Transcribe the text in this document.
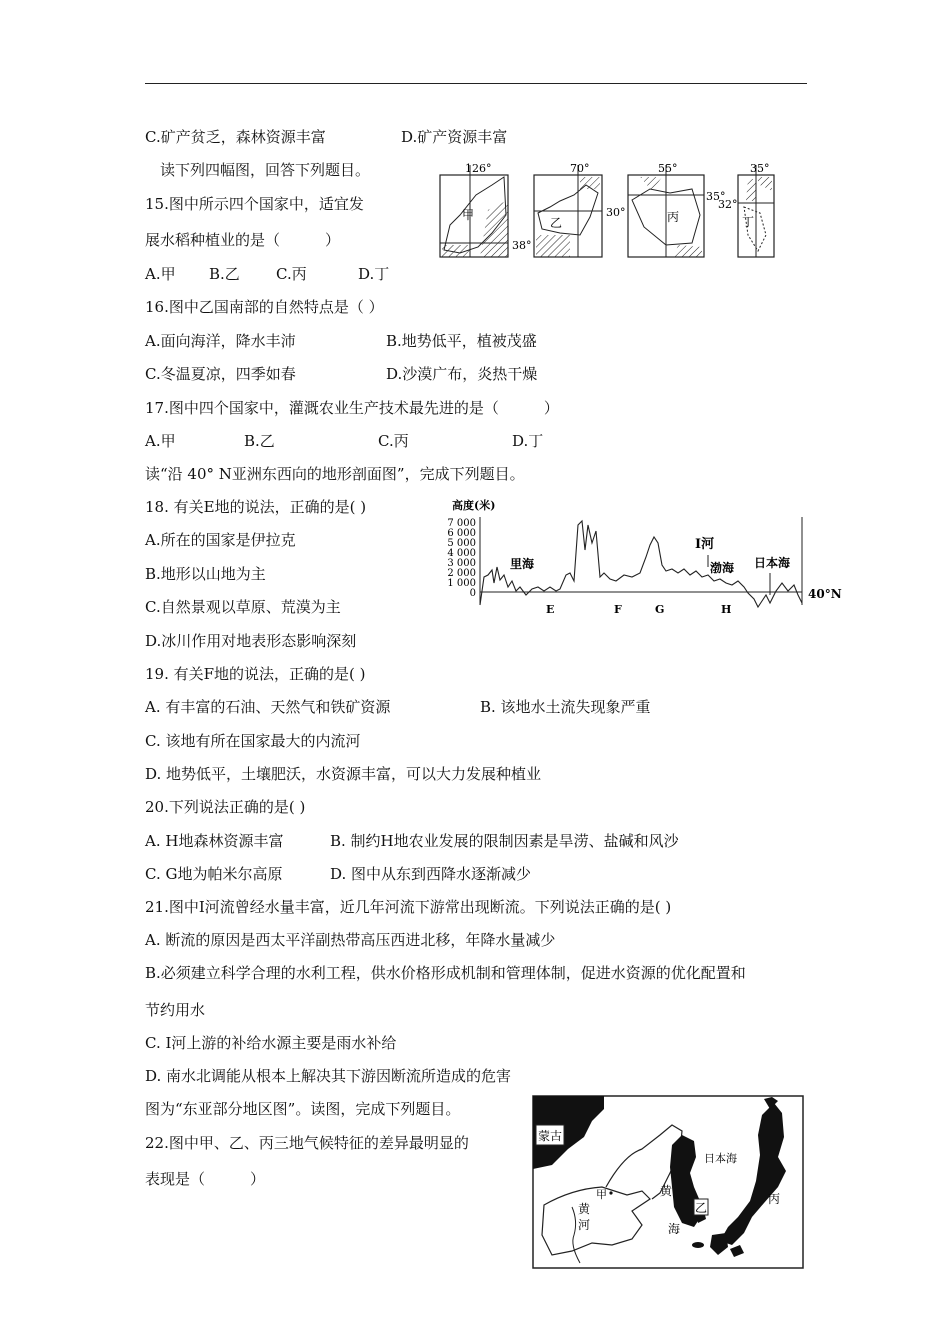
C.矿产贫乏，森林资源丰富	D.矿产资源丰富
读下列四幅图，回答下列题目。
15.图中所示四个国家中，适宜发
展水稻种植业的是（　　　）
A.甲 B.乙 C.丙	D.丁
16.图中乙国南部的自然特点是（ ）
A.面向海洋，降水丰沛	B.地势低平，植被茂盛
C.冬温夏凉，四季如春	D.沙漠广布，炎热干燥
17.图中四个国家中，灌溉农业生产技术最先进的是（　　　）
A.甲	B.乙	C.丙	D.丁
读“沿 40° N亚洲东西向的地形剖面图”，完成下列题目。
18. 有关E地的说法，正确的是( )
A.所在的国家是伊拉克
B.地形以山地为主
C.自然景观以草原、荒漠为主
D.冰川作用对地表形态影响深刻
19. 有关F地的说法，正确的是( )
A. 有丰富的石油、天然气和铁矿资源	B. 该地水土流失现象严重
C. 该地有所在国家最大的内流河
D. 地势低平，土壤肥沃，水资源丰富，可以大力发展种植业
20.下列说法正确的是( )
A. H地森林资源丰富	B. 制约H地农业发展的限制因素是旱涝、盐碱和风沙
C. G地为帕米尔高原	D. 图中从东到西降水逐渐减少
21.图中Ⅰ河流曾经水量丰富，近几年河流下游常出现断流。下列说法正确的是( )
A. 断流的原因是西太平洋副热带高压西进北移，年降水量减少
B.必须建立科学合理的水利工程，供水价格形成机制和管理体制，促进水资源的优化配置和
节约用水
C. Ⅰ河上游的补给水源主要是雨水补给
D. 南水北调能从根本上解决其下游因断流所造成的危害
图为“东亚部分地区图”。读图，完成下列题目。
22.图中甲、乙、丙三地气候特征的差异最明显的
表现是（　　　）
126°
38°
甲
70°
30°
乙
55°
35°
丙
35°
32°
丁
高度(米)
7 000
6 000
5 000
4 000
3 000
2 000
1 000
0
里海
Ⅰ河
渤海 日本海
40°N
E	F	G	H
蒙古
乙
日本海
丙
甲
黄
河
黄
海
